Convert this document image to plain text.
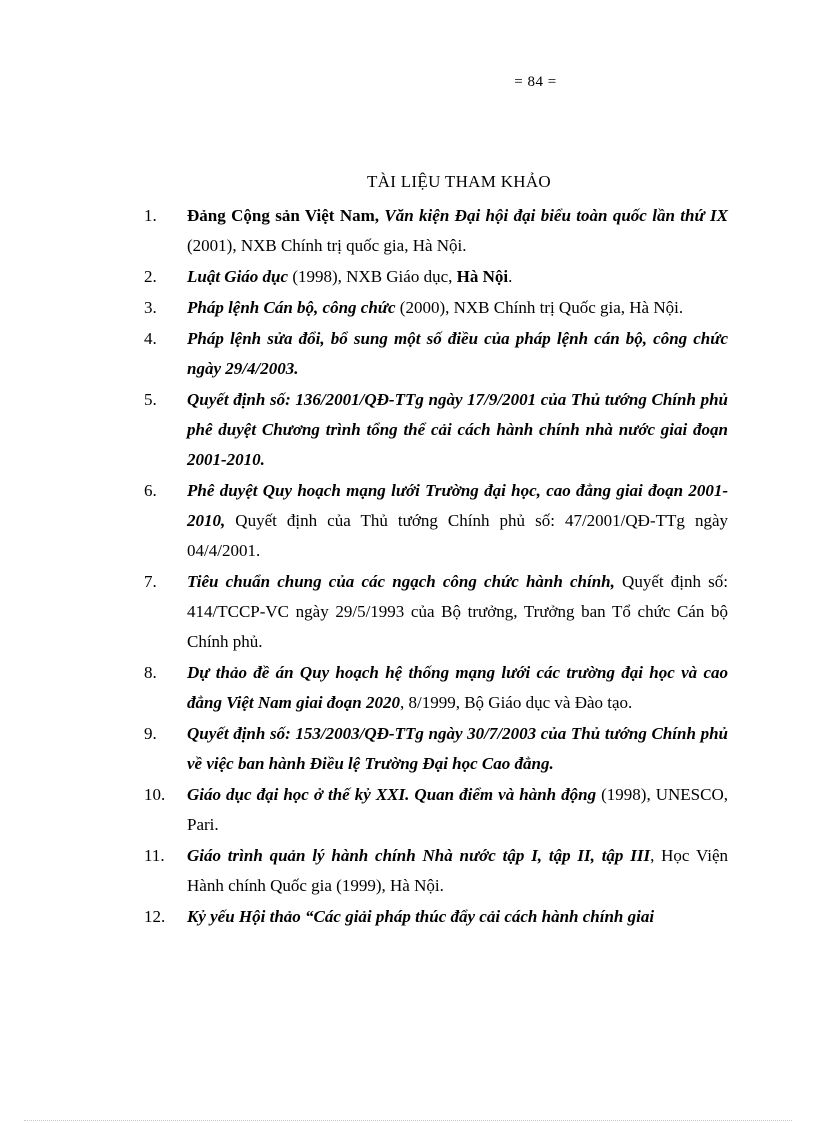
= 84 =
TÀI LIỆU THAM KHẢO
1. Đảng Cộng sản Việt Nam, Văn kiện Đại hội đại biểu toàn quốc lần thứ IX (2001), NXB Chính trị quốc gia, Hà Nội.
2. Luật Giáo dục (1998), NXB Giáo dục, Hà Nội.
3. Pháp lệnh Cán bộ, công chức (2000), NXB Chính trị Quốc gia, Hà Nội.
4. Pháp lệnh sửa đổi, bổ sung một số điều của pháp lệnh cán bộ, công chức ngày 29/4/2003.
5. Quyết định số: 136/2001/QĐ-TTg ngày 17/9/2001 của Thủ tướng Chính phủ phê duyệt Chương trình tổng thể cải cách hành chính nhà nước giai đoạn 2001-2010.
6. Phê duyệt Quy hoạch mạng lưới Trường đại học, cao đẳng giai đoạn 2001-2010, Quyết định của Thủ tướng Chính phủ số: 47/2001/QĐ-TTg ngày 04/4/2001.
7. Tiêu chuẩn chung của các ngạch công chức hành chính, Quyết định số: 414/TCCP-VC ngày 29/5/1993 của Bộ trưởng, Trưởng ban Tổ chức Cán bộ Chính phủ.
8. Dự thảo đề án Quy hoạch hệ thống mạng lưới các trường đại học và cao đẳng Việt Nam giai đoạn 2020, 8/1999, Bộ Giáo dục và Đào tạo.
9. Quyết định số: 153/2003/QĐ-TTg ngày 30/7/2003 của Thủ tướng Chính phủ về việc ban hành Điều lệ Trường Đại học Cao đẳng.
10. Giáo dục đại học ở thế kỷ XXI. Quan điểm và hành động (1998), UNESCO, Pari.
11. Giáo trình quản lý hành chính Nhà nước tập I, tập II, tập III, Học Viện Hành chính Quốc gia (1999), Hà Nội.
12. Kỷ yếu Hội thảo “Các giải pháp thúc đẩy cải cách hành chính giai
